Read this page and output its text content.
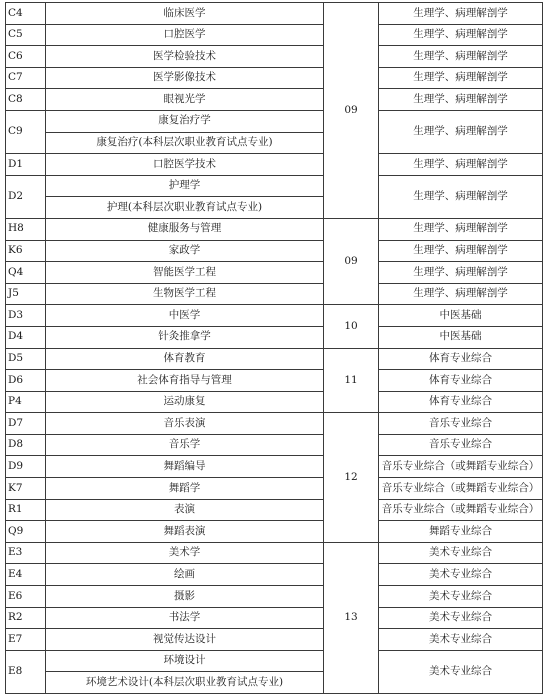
C4	临床医学	09	生理学、病理解剖学
C5	口腔医学		生理学、病理解剖学
C6	医学检验技术		生理学、病理解剖学
C7	医学影像技术		生理学、病理解剖学
C8	眼视光学		生理学、病理解剖学
C9	康复治疗学		生理学、病理解剖学
	康复治疗(本科层次职业教育试点专业)		
D1	口腔医学技术		生理学、病理解剖学
D2	护理学		生理学、病理解剖学
	护理(本科层次职业教育试点专业)		
H8	健康服务与管理	09	生理学、病理解剖学
K6	家政学		生理学、病理解剖学
Q4	智能医学工程		生理学、病理解剖学
J5	生物医学工程		生理学、病理解剖学
D3	中医学	10	中医基础
D4	针灸推拿学		中医基础
D5	体育教育	11	体育专业综合
D6	社会体育指导与管理		体育专业综合
P4	运动康复		体育专业综合
D7	音乐表演	12	音乐专业综合
D8	音乐学		音乐专业综合
D9	舞蹈编导		音乐专业综合（或舞蹈专业综合）
K7	舞蹈学		音乐专业综合（或舞蹈专业综合）
R1	表演		音乐专业综合（或舞蹈专业综合）
Q9	舞蹈表演		舞蹈专业综合
E3	美术学	13	美术专业综合
E4	绘画		美术专业综合
E6	摄影		美术专业综合
R2	书法学		美术专业综合
E7	视觉传达设计		美术专业综合
E8	环境设计		美术专业综合
	环境艺术设计(本科层次职业教育试点专业)		
